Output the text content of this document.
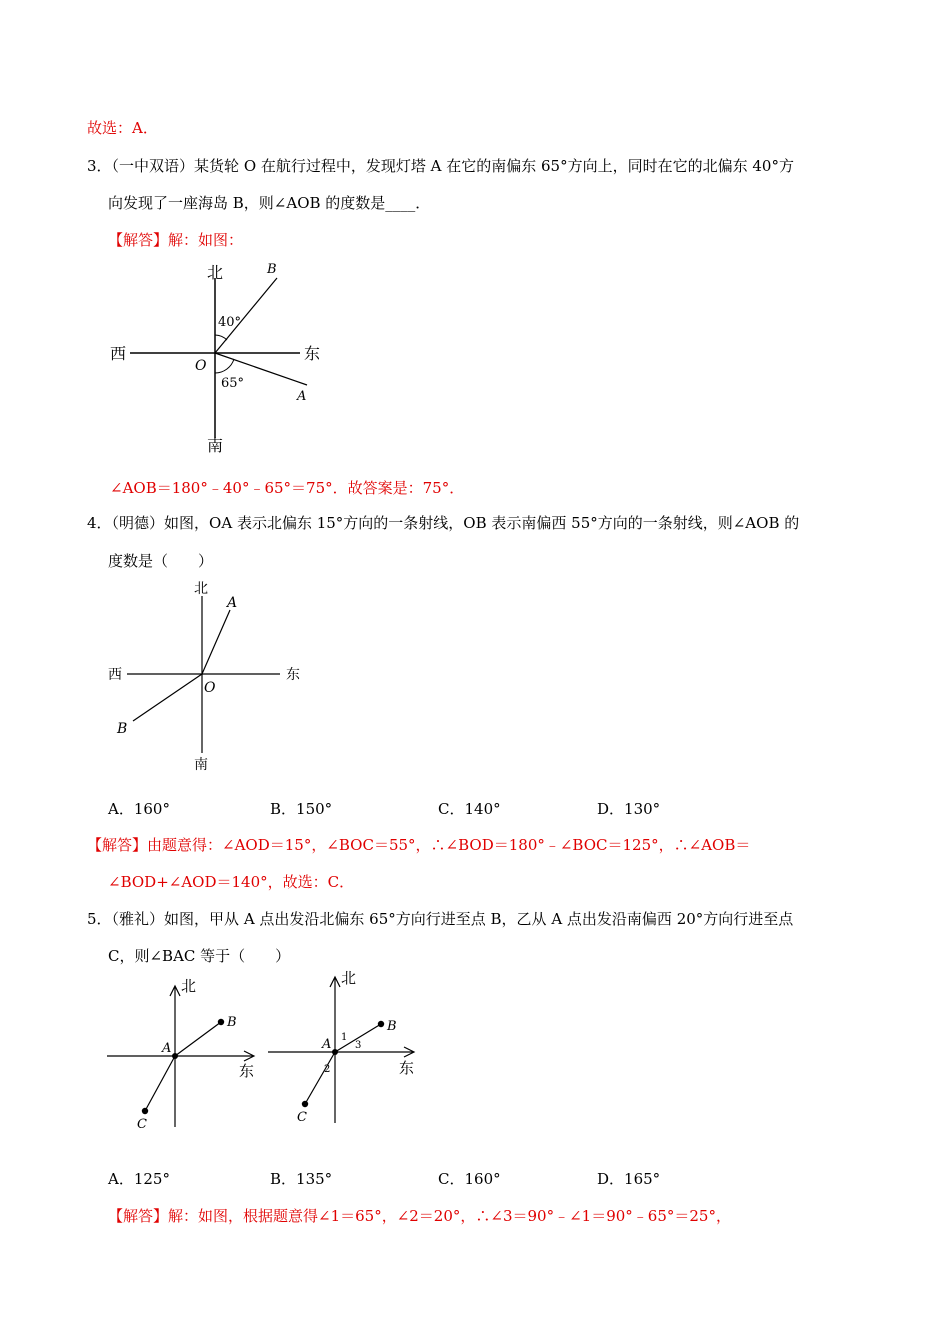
故选：A．
3．（一中双语）某货轮 O 在航行过程中，发现灯塔 A 在它的南偏东 65°方向上，同时在它的北偏东 40°方
向发现了一座海岛 B，则∠AOB 的度数是____．
【解答】解：如图：
北
南
西	东
O
A
B
40°
65°
∠AOB＝180°﹣40°﹣65°＝75°．故答案是：75°．
4．（明德）如图，OA 表示北偏东 15°方向的一条射线，OB 表示南偏西 55°方向的一条射线，则∠AOB 的
度数是（　　）
北
南
西	东
O
A
B
A．160°	B．150°	C．140°	D．130°
【解答】由题意得：∠AOD＝15°，∠BOC＝55°，∴∠BOD＝180°﹣∠BOC＝125°，∴∠AOB＝
∠BOD+∠AOD＝140°，故选：C．
5．（雅礼）如图，甲从 A 点出发沿北偏东 65°方向行进至点 B，乙从 A 点出发沿南偏西 20°方向行进至点
C，则∠BAC 等于（　　）
北
东
A
B
C
北
东
A
B
C
1
2
3
A．125°	B．135°	C．160°	D．165°
【解答】解：如图，根据题意得∠1＝65°，∠2＝20°，∴∠3＝90°﹣∠1＝90°﹣65°＝25°，
